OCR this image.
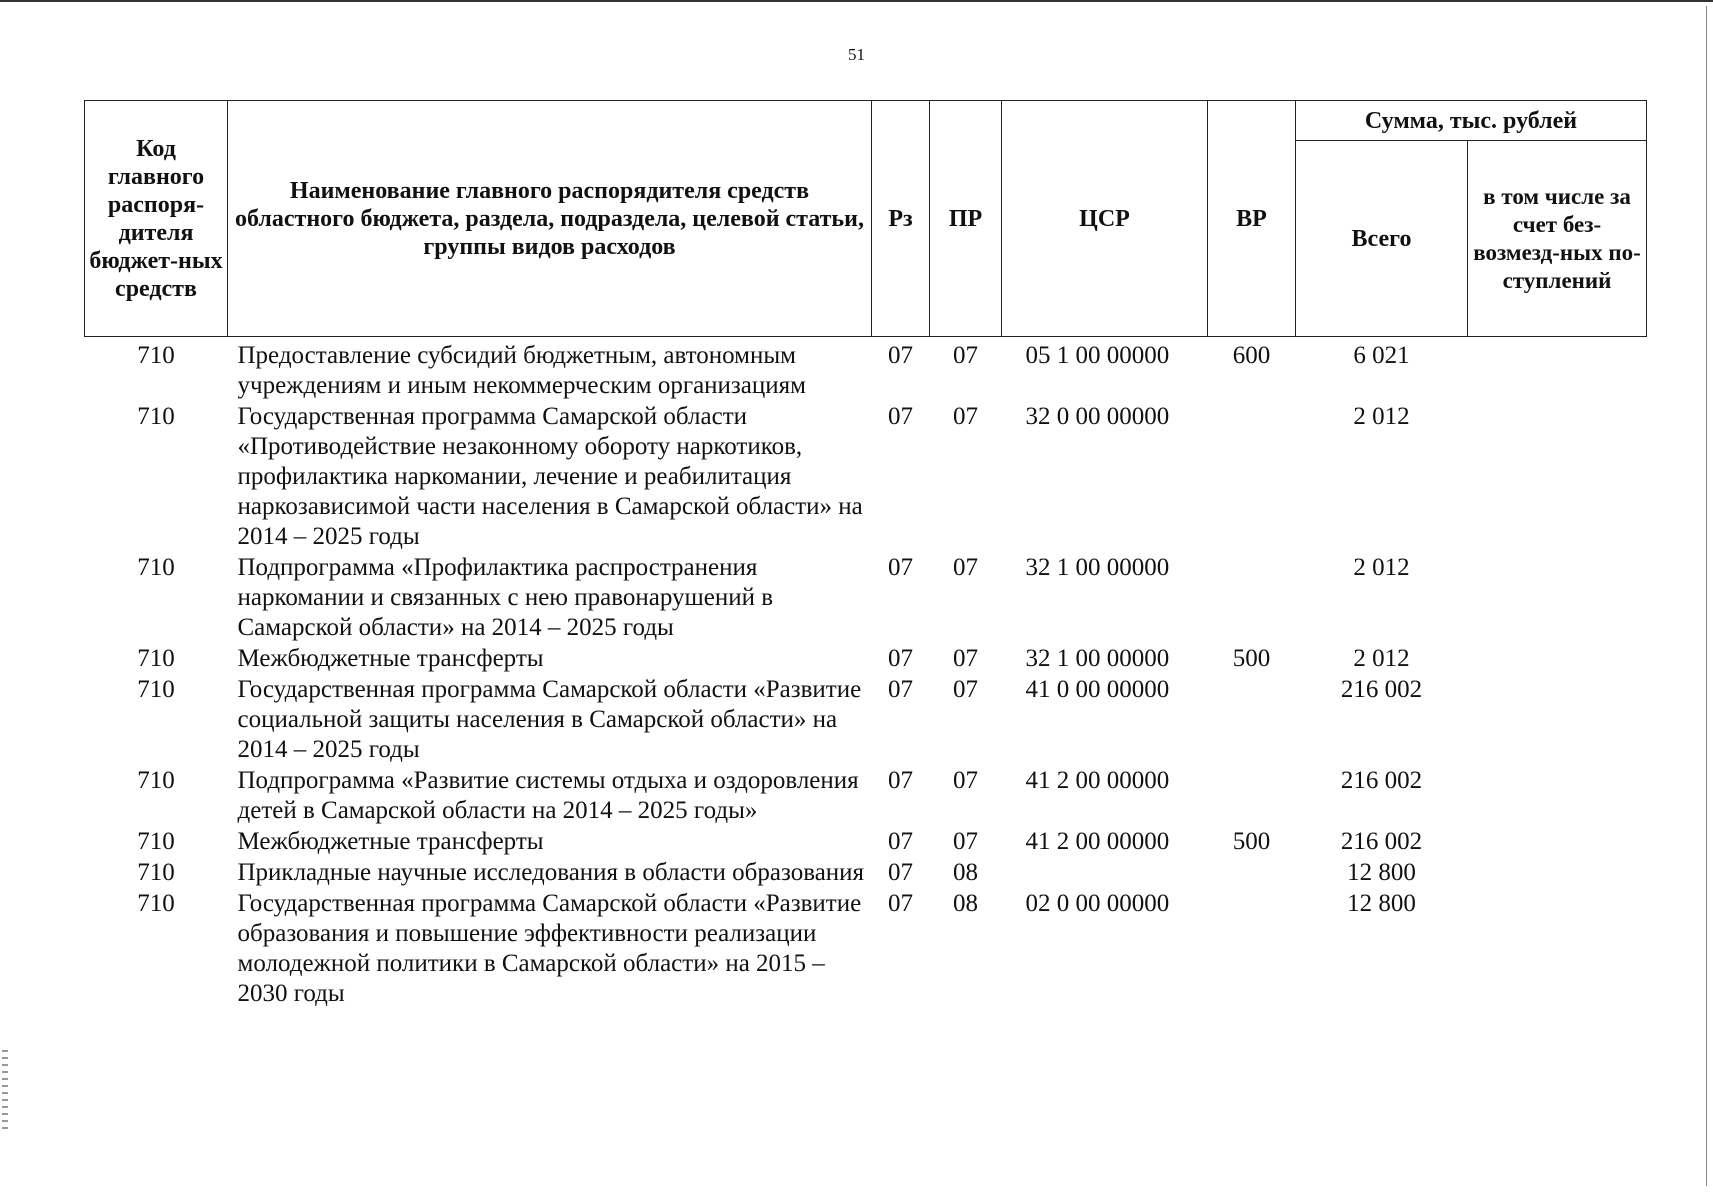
51
Код главного распоря-дителя бюджет-ных средств	Наименование главного распорядителя средств областного бюджета, раздела, подраздела, целевой статьи, группы видов расходов	Рз	ПР	ЦСР	ВР	Сумма, тыс. рублей	
						Всего	в том числе за счет без-возмезд-ных по-ступлений
710	Предоставление субсидий бюджетным, автономным учреждениям и иным некоммерческим организациям	07	07	05 1 00 00000	600	6 021	
710	Государственная программа Самарской области «Противодействие незаконному обороту наркотиков, профилактика наркомании, лечение и реабилитация наркозависимой части населения в Самарской области» на 2014 – 2025 годы	07	07	32 0 00 00000		2 012	
710	Подпрограмма «Профилактика распространения наркомании и связанных с нею правонарушений в Самарской области» на 2014 – 2025 годы	07	07	32 1 00 00000		2 012	
710	Межбюджетные трансферты	07	07	32 1 00 00000	500	2 012	
710	Государственная программа Самарской области «Развитие социальной защиты населения в Самарской области» на 2014 – 2025 годы	07	07	41 0 00 00000		216 002	
710	Подпрограмма «Развитие системы отдыха и оздоровления детей в Самарской области на 2014 – 2025 годы»	07	07	41 2 00 00000		216 002	
710	Межбюджетные трансферты	07	07	41 2 00 00000	500	216 002	
710	Прикладные научные исследования в области образования	07	08			12 800	
710	Государственная программа Самарской области «Развитие образования и повышение эффективности реализации молодежной политики в Самарской области» на 2015 – 2030 годы	07	08	02 0 00 00000		12 800	
